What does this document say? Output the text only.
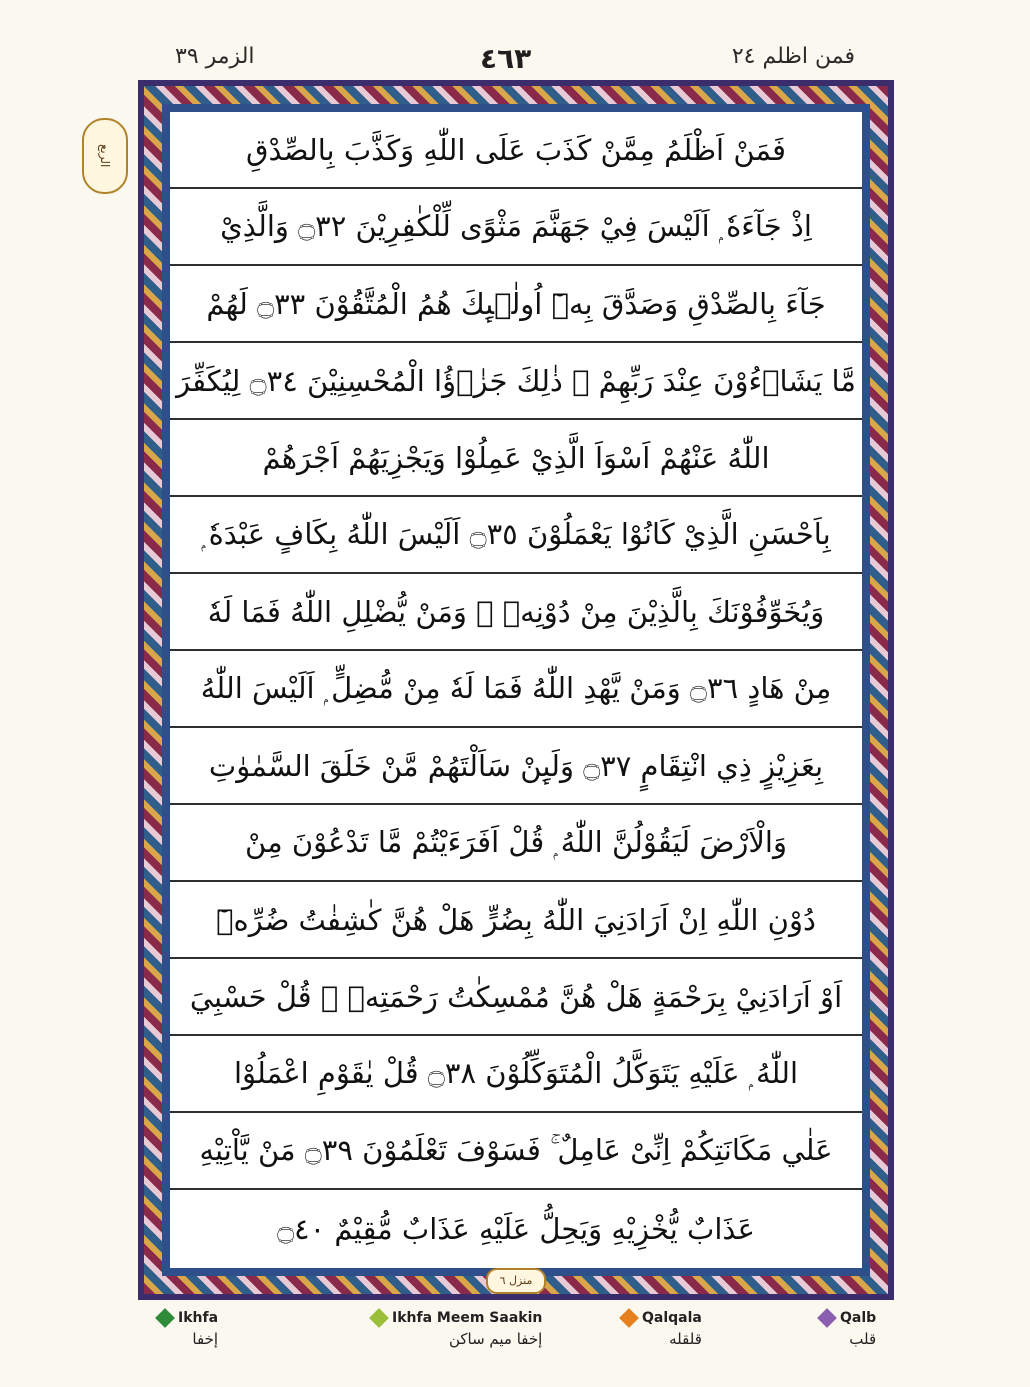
الزمر ٣٩	٤٦٣	فمن اظلم ٢٤
الربع	فَمَنْ اَظْلَمُ مِمَّنْ كَذَبَ عَلَى اللّٰهِ وَكَذَّبَ بِالصِّدْقِ
اِذْ جَآءَهٗ ۭ اَلَيْسَ فِيْ جَهَنَّمَ مَثْوًى لِّلْكٰفِرِيْنَ ۝٣٢ وَالَّذِيْ
جَآءَ بِالصِّدْقِ وَصَدَّقَ بِهٖٓ اُولٰۗىِٕكَ هُمُ الْمُتَّقُوْنَ ۝٣٣ لَهُمْ
مَّا يَشَاۗءُوْنَ عِنْدَ رَبِّهِمْ ۭ ذٰلِكَ جَزٰۗؤُا الْمُحْسِنِيْنَ ۝٣٤ لِيُكَفِّرَ
اللّٰهُ عَنْهُمْ اَسْوَاَ الَّذِيْ عَمِلُوْا وَيَجْزِيَهُمْ اَجْرَهُمْ
بِاَحْسَنِ الَّذِيْ كَانُوْا يَعْمَلُوْنَ ۝٣٥ اَلَيْسَ اللّٰهُ بِكَافٍ عَبْدَهٗ ۭ
وَيُخَوِّفُوْنَكَ بِالَّذِيْنَ مِنْ دُوْنِهٖ ۭ وَمَنْ يُّضْلِلِ اللّٰهُ فَمَا لَهٗ
مِنْ هَادٍ ۝٣٦ وَمَنْ يَّهْدِ اللّٰهُ فَمَا لَهٗ مِنْ مُّضِلٍّ ۭ اَلَيْسَ اللّٰهُ
بِعَزِيْزٍ ذِي انْتِقَامٍ ۝٣٧ وَلَىِٕنْ سَاَلْتَهُمْ مَّنْ خَلَقَ السَّمٰوٰتِ
وَالْاَرْضَ لَيَقُوْلُنَّ اللّٰهُ ۭ قُلْ اَفَرَءَيْتُمْ مَّا تَدْعُوْنَ مِنْ
دُوْنِ اللّٰهِ اِنْ اَرَادَنِيَ اللّٰهُ بِضُرٍّ هَلْ هُنَّ كٰشِفٰتُ ضُرِّهٖٓ
اَوْ اَرَادَنِيْ بِرَحْمَةٍ هَلْ هُنَّ مُمْسِكٰتُ رَحْمَتِهٖ ۭ قُلْ حَسْبِيَ
اللّٰهُ ۭ عَلَيْهِ يَتَوَكَّلُ الْمُتَوَكِّلُوْنَ ۝٣٨ قُلْ يٰقَوْمِ اعْمَلُوْا
عَلٰي مَكَانَتِكُمْ اِنِّىْ عَامِلٌ ۚ فَسَوْفَ تَعْلَمُوْنَ ۝٣٩ مَنْ يَّاْتِيْهِ
عَذَابٌ يُّخْزِيْهِ وَيَحِلُّ عَلَيْهِ عَذَابٌ مُّقِيْمٌ ۝٤٠
منزل ٦
Ikhfa
إخفا
Ikhfa Meem Saakin
إخفا ميم ساكن
Qalqala
قلقله
Qalb
قلب
